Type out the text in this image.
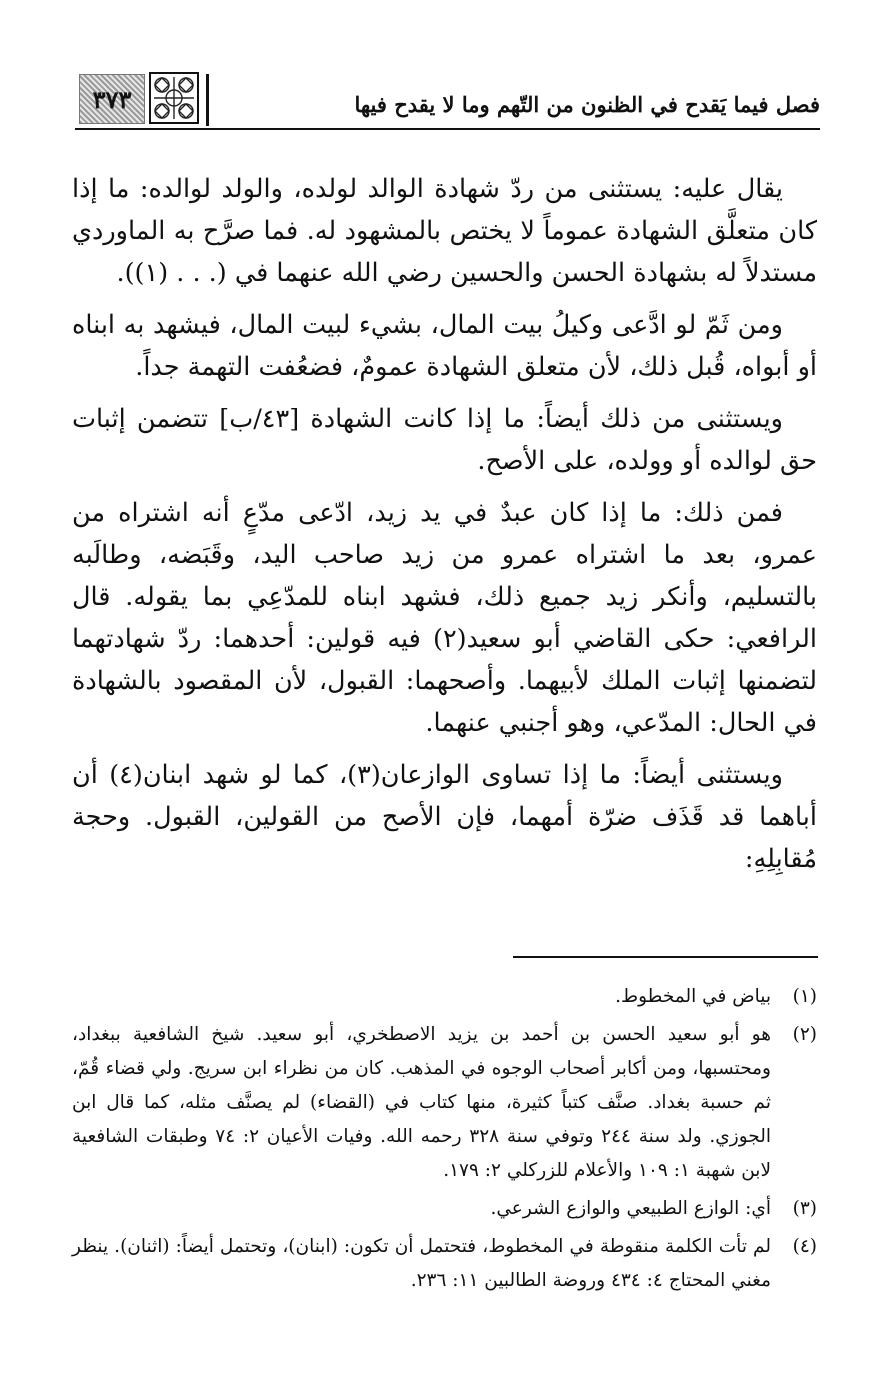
٣٧٣	فصل فيما يَقدح في الظنون من التّهم وما لا يقدح فيها

يقال عليه: يستثنى من ردّ شهادة الوالد لولده، والولد لوالده: ما إذا كان متعلَّق الشهادة عموماً لا يختص بالمشهود له. فما صرَّح به الماوردي مستدلاً له بشهادة الحسن والحسين رضي الله عنهما في (. . . (١)).

ومن ثَمّ لو ادَّعى وكيلُ بيت المال، بشيء لبيت المال، فيشهد به ابناه أو أبواه، قُبل ذلك، لأن متعلق الشهادة عمومٌ، فضعُفت التهمة جداً.

ويستثنى من ذلك أيضاً: ما إذا كانت الشهادة [٤٣/ب] تتضمن إثبات حق لوالده أو وولده، على الأصح.

فمن ذلك: ما إذا كان عبدٌ في يد زيد، ادّعى مدّعٍ أنه اشتراه من عمرو، بعد ما اشتراه عمرو من زيد صاحب اليد، وقَبَضه، وطالَبه بالتسليم، وأنكر زيد جميع ذلك، فشهد ابناه للمدّعِي بما يقوله. قال الرافعي: حكى القاضي أبو سعيد(٢) فيه قولين: أحدهما: ردّ شهادتهما لتضمنها إثبات الملك لأبيهما. وأصحهما: القبول، لأن المقصود بالشهادة في الحال: المدّعي، وهو أجنبي عنهما.

ويستثنى أيضاً: ما إذا تساوى الوازعان(٣)، كما لو شهد ابنان(٤) أن أباهما قد قَذَف ضرّة أمهما، فإن الأصح من القولين، القبول. وحجة مُقابِلِهِ:

(١)
بياض في المخطوط.
(٢)
هو أبو سعيد الحسن بن أحمد بن يزيد الاصطخري، أبو سعيد. شيخ الشافعية ببغداد، ومحتسبها، ومن أكابر أصحاب الوجوه في المذهب. كان من نظراء ابن سريج. ولي قضاء قُمّ، ثم حسبة بغداد. صنَّف كتباً كثيرة، منها كتاب في (القضاء) لم يصنَّف مثله، كما قال ابن الجوزي. ولد سنة ٢٤٤ وتوفي سنة ٣٢٨ رحمه الله. وفيات الأعيان ٢: ٧٤ وطبقات الشافعية لابن شهبة ١: ١٠٩ والأعلام للزركلي ٢: ١٧٩.
(٣)
أي: الوازع الطبيعي والوازع الشرعي.
(٤)
لم تأت الكلمة منقوطة في المخطوط، فتحتمل أن تكون: (ابنان)، وتحتمل أيضاً: (اثنان). ينظر مغني المحتاج ٤: ٤٣٤ وروضة الطالبين ١١: ٢٣٦.
